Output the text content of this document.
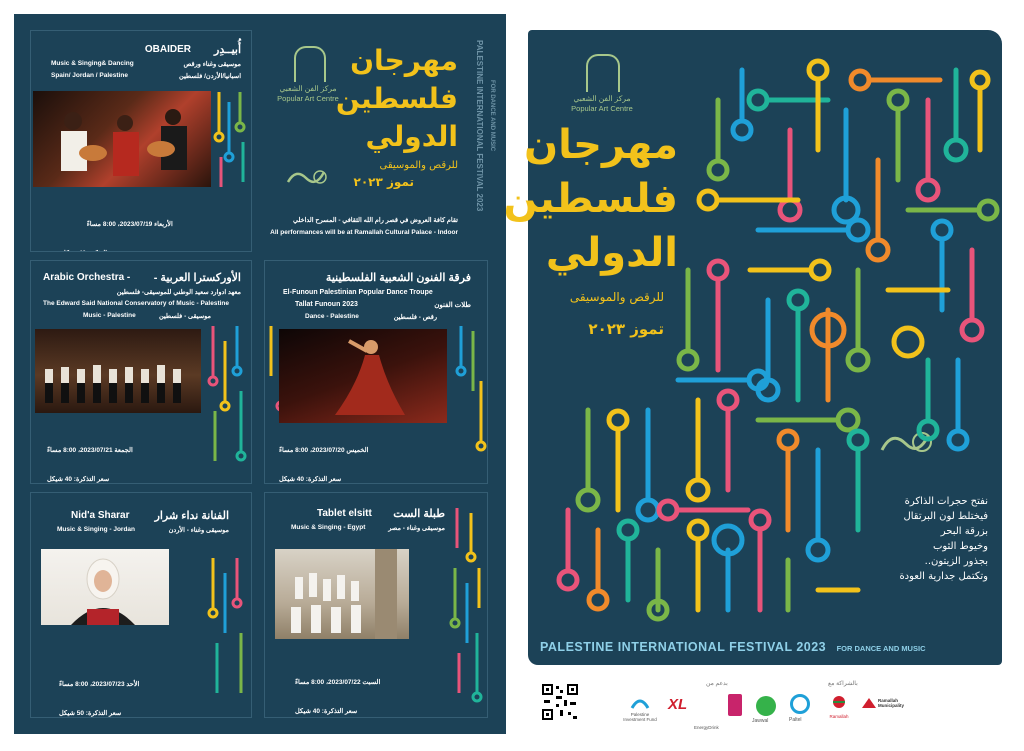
أُبيــدِر
OBAIDER
موسيقى وغناء ورقص
Music & Singing& Dancing
اسبانيا/الأردن/ فلسطين
Spain/ Jordan / Palestine

الأربعاء 2023/07/19، 8:00 مساءً

مركز الفن الشعبي
Popular Art Centre
مهرجان
فلسطين
الدولي
للرقص والموسيقى
تموز ٢٠٢٣
تقام كافة العروض في قصر رام الله الثقافي - المسرح الداخلي
All performances will be at Ramallah Cultural Palace - Indoor
PALESTINE INTERNATIONAL FESTIVAL 2023 FOR DANCE AND MUSIC
الأوركسترا العربية -
Arabic Orchestra -
معهد ادوارد سعيد الوطني للموسيقى- فلسطين
The Edward Said National Conservatory of Music - Palestine
موسيقى - فلسطين
Music - Palestine

الجمعة 2023/07/21، 8:00 مساءً

سعر التذكرة: 40 شيكل

فرقة الفنون الشعبية الفلسطينية
El-Funoun Palestinian Popular Dance Troupe
Tallat Funoun 2023	طلات الفنون
Dance - Palestine	رقص - فلسطين

الخميس 2023/07/20، 8:00 مساءً

سعر التذكرة: 40 شيكل

الفنانة نداء شرار
Nid'a Sharar
موسيقى وغناء - الأردن
Music & Singing - Jordan

الأحد 2023/07/23، 8:00 مساءً

سعر التذكرة: 50 شيكل

طبلة الست
Tablet elsitt
موسيقى وغناء - مصر
Music & Singing - Egypt

السبت 2023/07/22، 8:00 مساءً

سعر التذكرة: 40 شيكل

مركز الفن الشعبي
Popular Art Centre
مهرجان
فلسطين
الدولي
للرقص والموسيقى
تموز ٢٠٢٣
نفتح حجرات الذاكرة
فيختلط لون البرتقال
بزرقة البحر
وخيوط الثوب
بجذور الزيتون..
وتكتمل جدارية العودة
PALESTINE INTERNATIONAL FESTIVAL 2023 FOR DANCE AND MUSIC
بدعم من
Palestine Investment Fund
XL
EnergyDrink
Jawwal	Paltel
بالشراكة مع
Ramallah
Ramallah Municipality
